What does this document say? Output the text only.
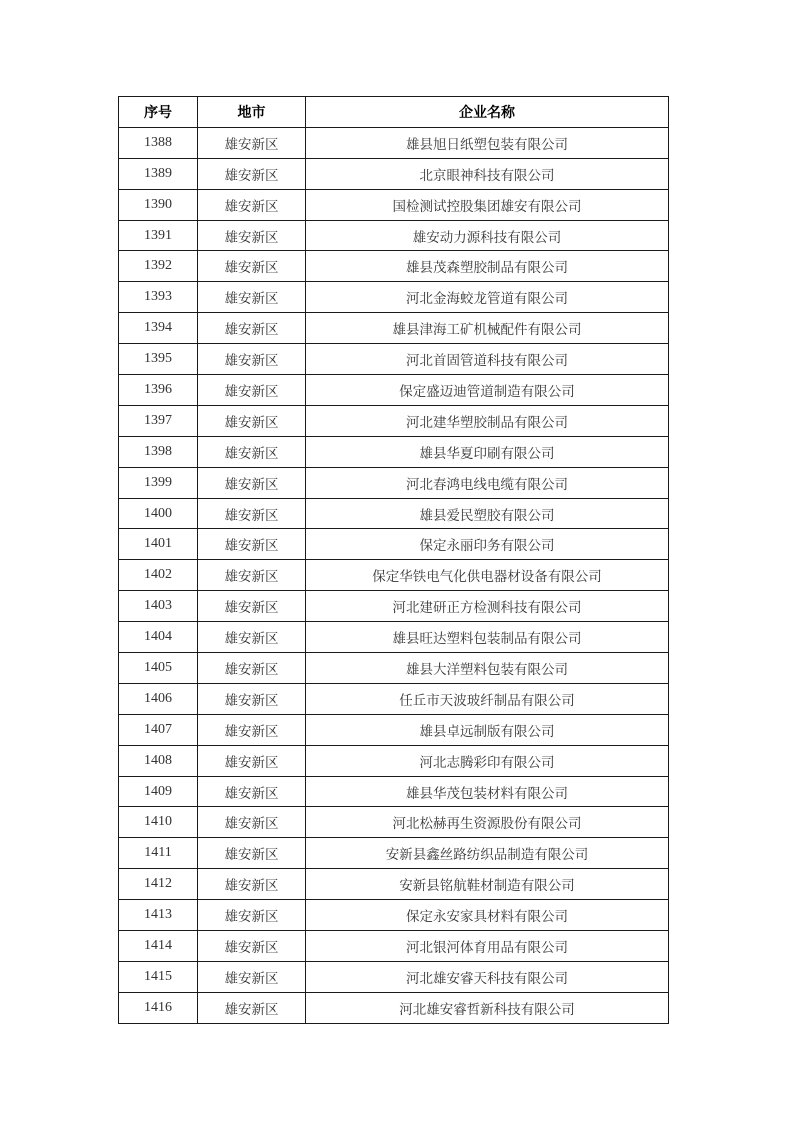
序号	地市	企业名称
1388	雄安新区	雄县旭日纸塑包装有限公司
1389	雄安新区	北京眼神科技有限公司
1390	雄安新区	国检测试控股集团雄安有限公司
1391	雄安新区	雄安动力源科技有限公司
1392	雄安新区	雄县茂森塑胶制品有限公司
1393	雄安新区	河北金海蛟龙管道有限公司
1394	雄安新区	雄县津海工矿机械配件有限公司
1395	雄安新区	河北首固管道科技有限公司
1396	雄安新区	保定盛迈迪管道制造有限公司
1397	雄安新区	河北建华塑胶制品有限公司
1398	雄安新区	雄县华夏印刷有限公司
1399	雄安新区	河北春鸿电线电缆有限公司
1400	雄安新区	雄县爱民塑胶有限公司
1401	雄安新区	保定永丽印务有限公司
1402	雄安新区	保定华铁电气化供电器材设备有限公司
1403	雄安新区	河北建研正方检测科技有限公司
1404	雄安新区	雄县旺达塑料包装制品有限公司
1405	雄安新区	雄县大洋塑料包装有限公司
1406	雄安新区	任丘市天波玻纤制品有限公司
1407	雄安新区	雄县卓远制版有限公司
1408	雄安新区	河北志腾彩印有限公司
1409	雄安新区	雄县华茂包装材料有限公司
1410	雄安新区	河北松赫再生资源股份有限公司
1411	雄安新区	安新县鑫丝路纺织品制造有限公司
1412	雄安新区	安新县铭航鞋材制造有限公司
1413	雄安新区	保定永安家具材料有限公司
1414	雄安新区	河北银河体育用品有限公司
1415	雄安新区	河北雄安睿天科技有限公司
1416	雄安新区	河北雄安睿哲新科技有限公司
